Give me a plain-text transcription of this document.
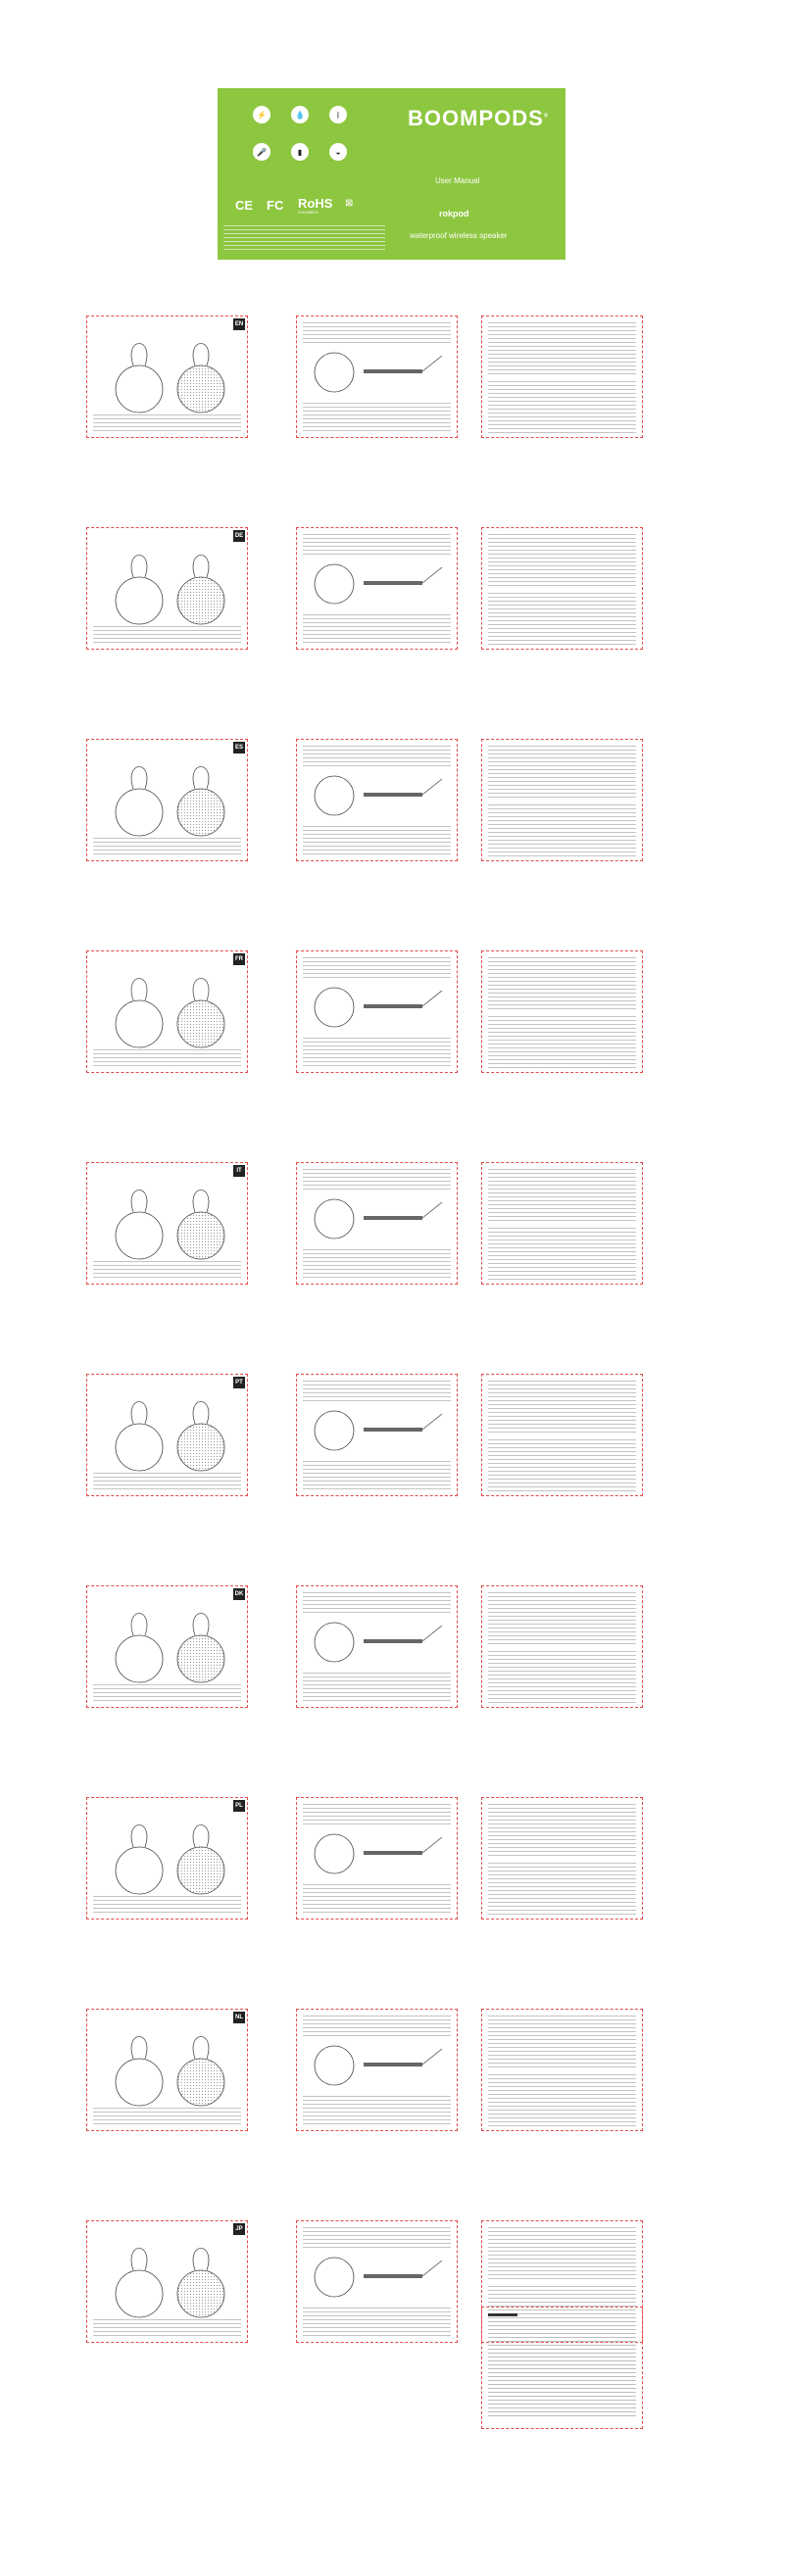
⚡	💧	ᛒ
🎤	▮	◒
BOOMPODS®
User Manual
rokpod
waterproof wireless speaker
CE FC RoHS
2011/65/EU
⊠
EN
DE
ES
FR
IT
PT
DK
PL
NL
JP
